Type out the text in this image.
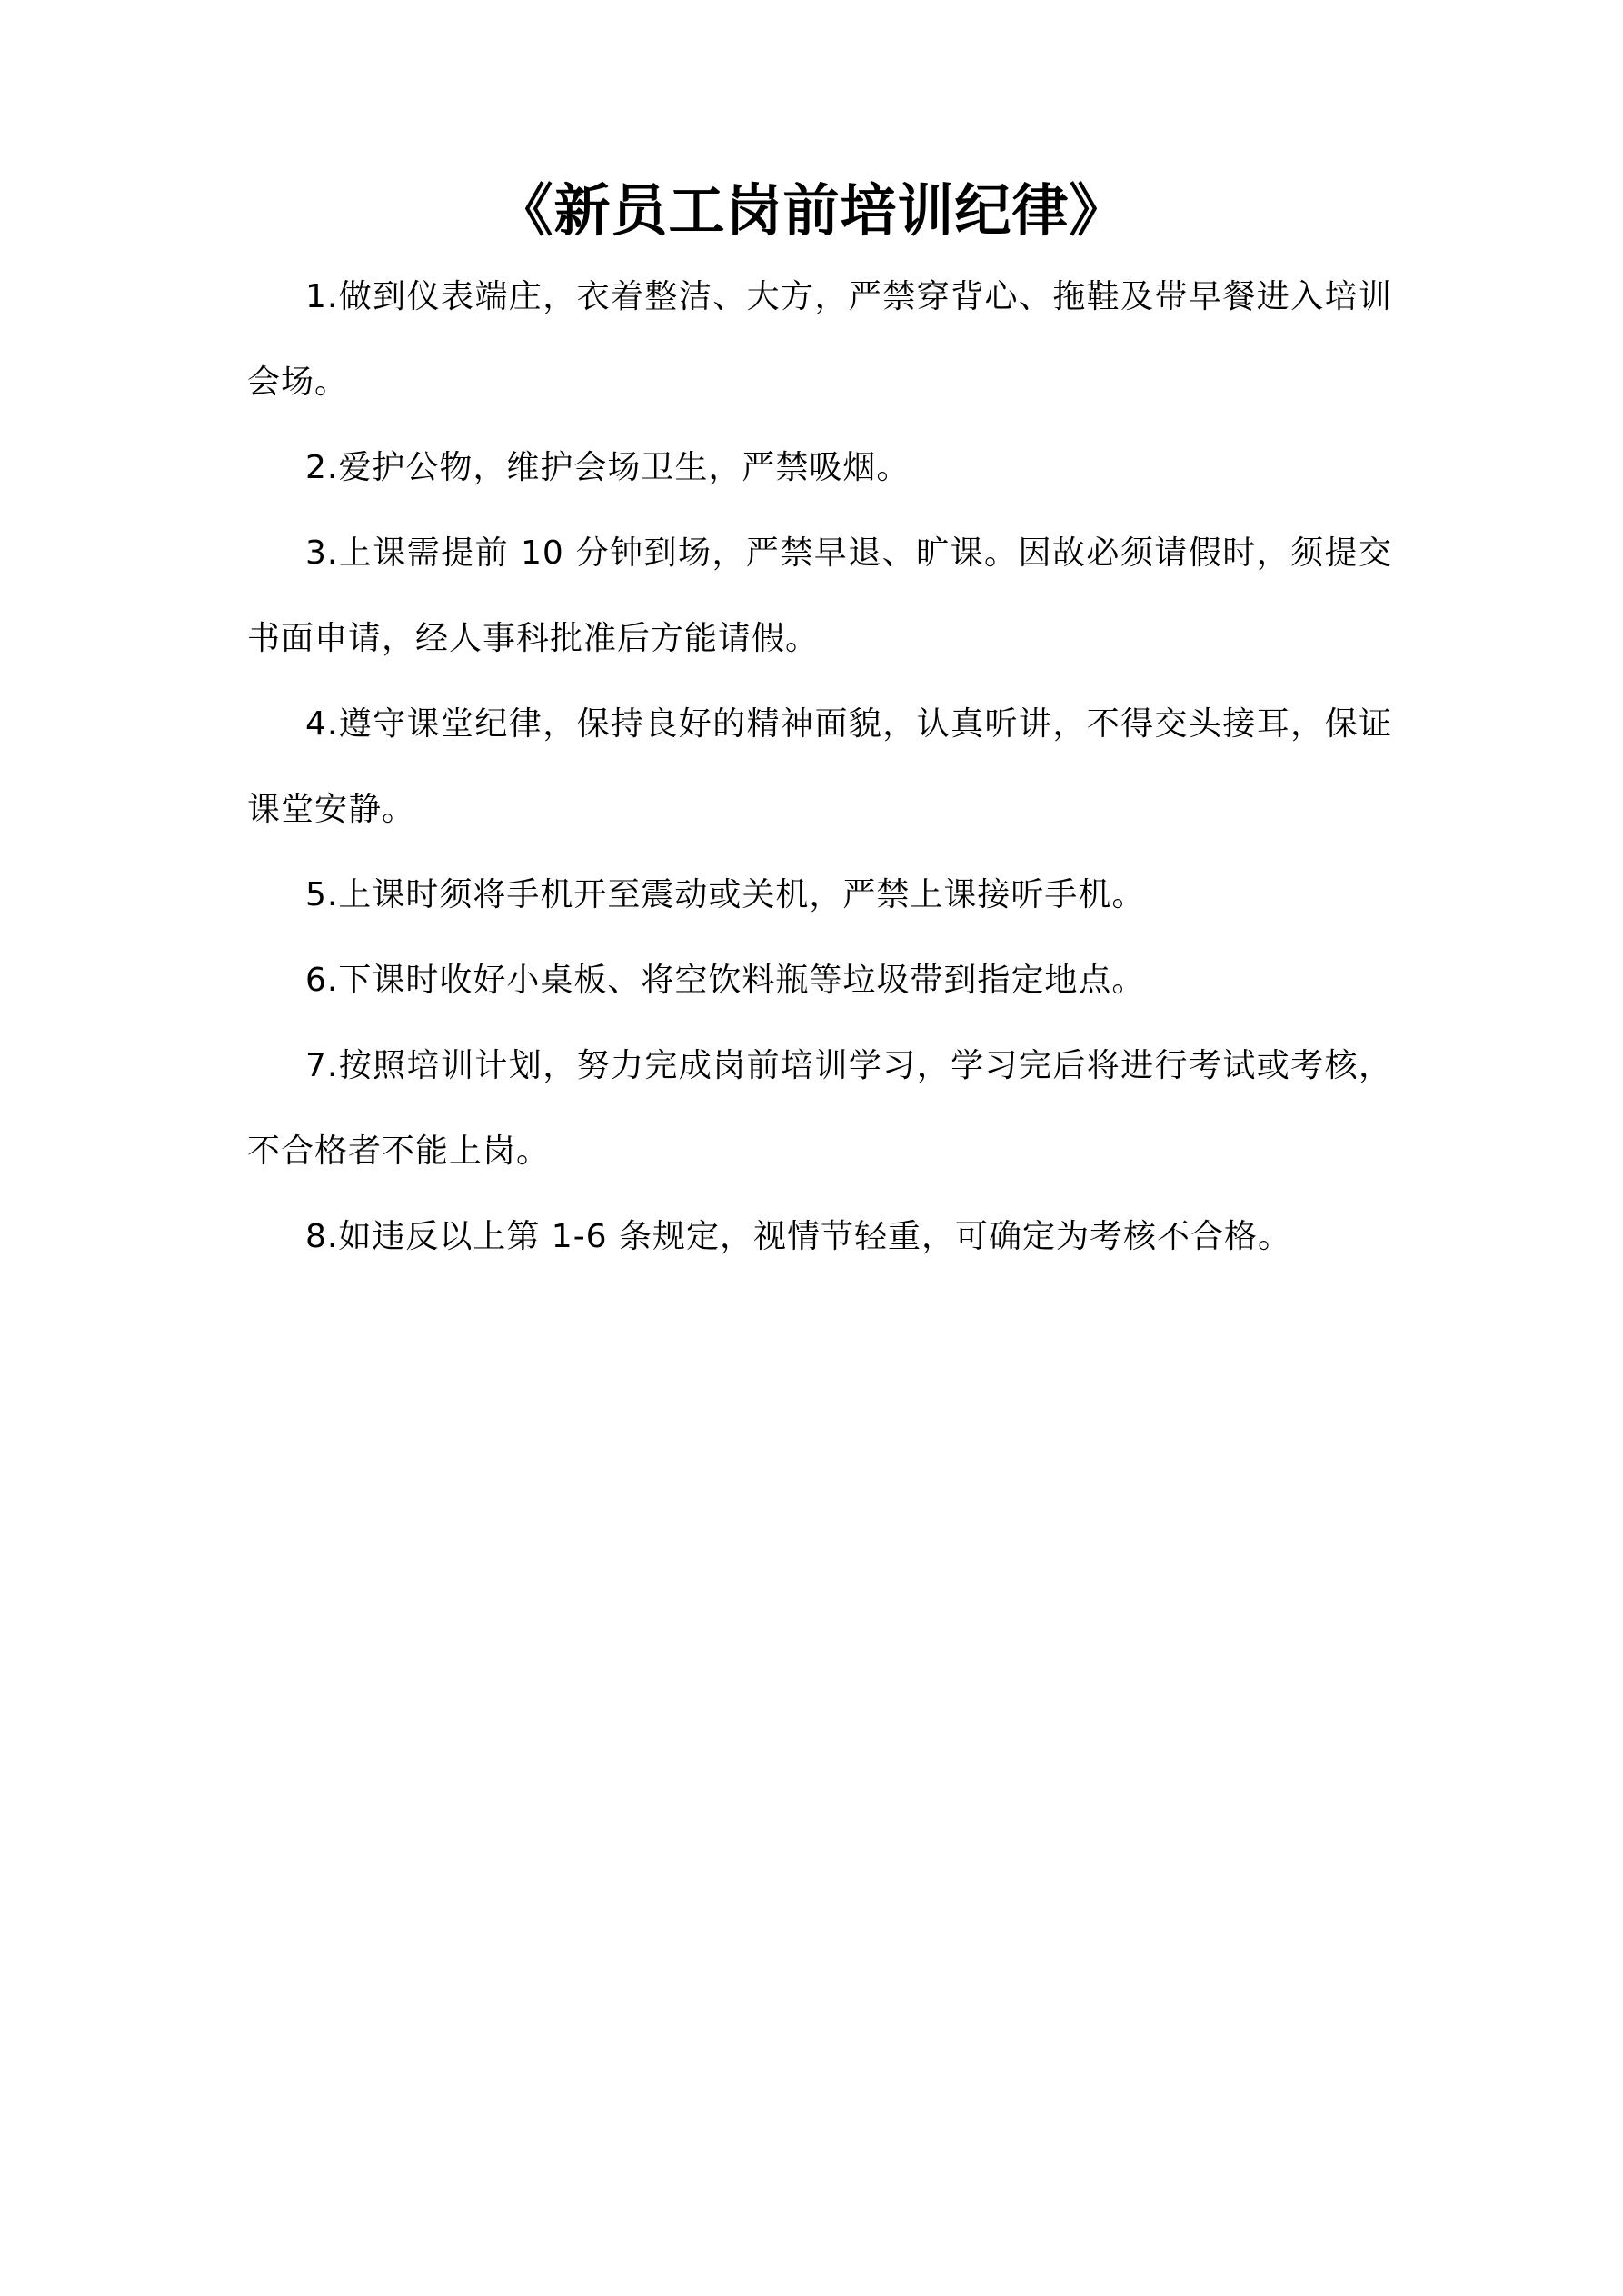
《新员工岗前培训纪律》
1.做到仪表端庄，衣着整洁、大方，严禁穿背心、拖鞋及带早餐进入培训会场。
2.爱护公物，维护会场卫生，严禁吸烟。
3.上课需提前 10 分钟到场，严禁早退、旷课。因故必须请假时，须提交书面申请，经人事科批准后方能请假。
4.遵守课堂纪律，保持良好的精神面貌，认真听讲，不得交头接耳，保证课堂安静。
5.上课时须将手机开至震动或关机，严禁上课接听手机。
6.下课时收好小桌板、将空饮料瓶等垃圾带到指定地点。
7.按照培训计划，努力完成岗前培训学习，学习完后将进行考试或考核，不合格者不能上岗。
8.如违反以上第 1-6 条规定，视情节轻重，可确定为考核不合格。
